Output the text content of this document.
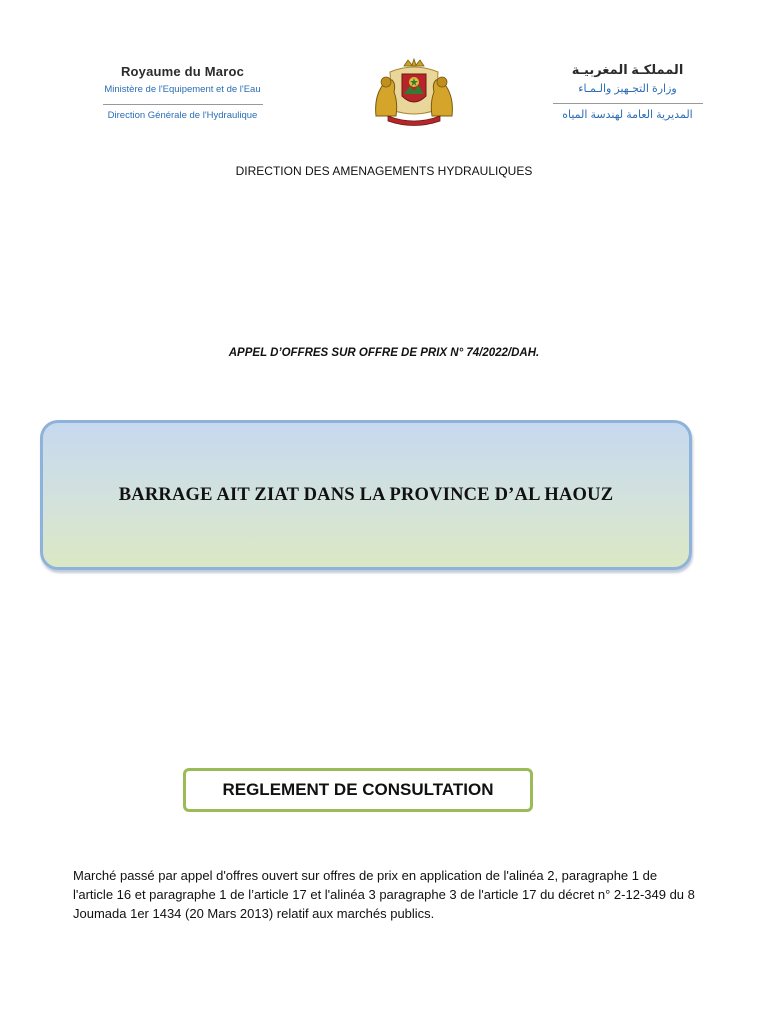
Royaume du Maroc
Ministère de l'Equipement et de l'Eau
Direction Générale de l'Hydraulique
المملكـة المغربيـة
وزارة التجـهيز والـمـاء
المديرية العامة لهندسة المياه
DIRECTION DES AMENAGEMENTS HYDRAULIQUES
APPEL D’OFFRES SUR OFFRE DE PRIX N° 74/2022/DAH.
BARRAGE AIT ZIAT DANS LA PROVINCE D’AL HAOUZ
REGLEMENT DE CONSULTATION
Marché passé par appel d'offres ouvert sur offres de prix en application de l'alinéa 2, paragraphe 1 de l'article 16 et paragraphe 1 de l’article 17 et l'alinéa 3 paragraphe 3 de l'article 17 du décret n° 2-12-349 du 8 Joumada 1er 1434 (20 Mars 2013) relatif aux marchés publics.
